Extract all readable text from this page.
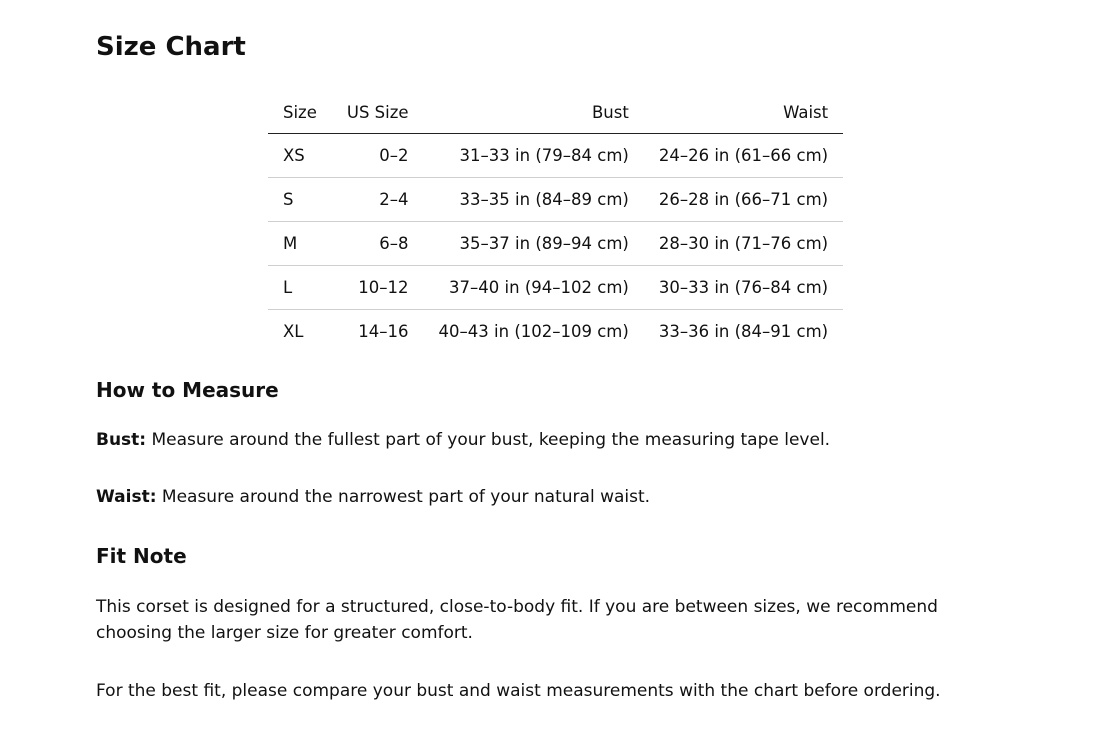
Size Chart
Size	US Size	Bust	Waist
XS	0–2	31–33 in (79–84 cm)	24–26 in (61–66 cm)
S	2–4	33–35 in (84–89 cm)	26–28 in (66–71 cm)
M	6–8	35–37 in (89–94 cm)	28–30 in (71–76 cm)
L	10–12	37–40 in (94–102 cm)	30–33 in (76–84 cm)
XL	14–16	40–43 in (102–109 cm)	33–36 in (84–91 cm)
How to Measure

Bust: Measure around the fullest part of your bust, keeping the measuring tape level.

Waist: Measure around the narrowest part of your natural waist.

Fit Note

This corset is designed for a structured, close-to-body fit. If you are between sizes, we recommend choosing the larger size for greater comfort.

For the best fit, please compare your bust and waist measurements with the chart before ordering.
